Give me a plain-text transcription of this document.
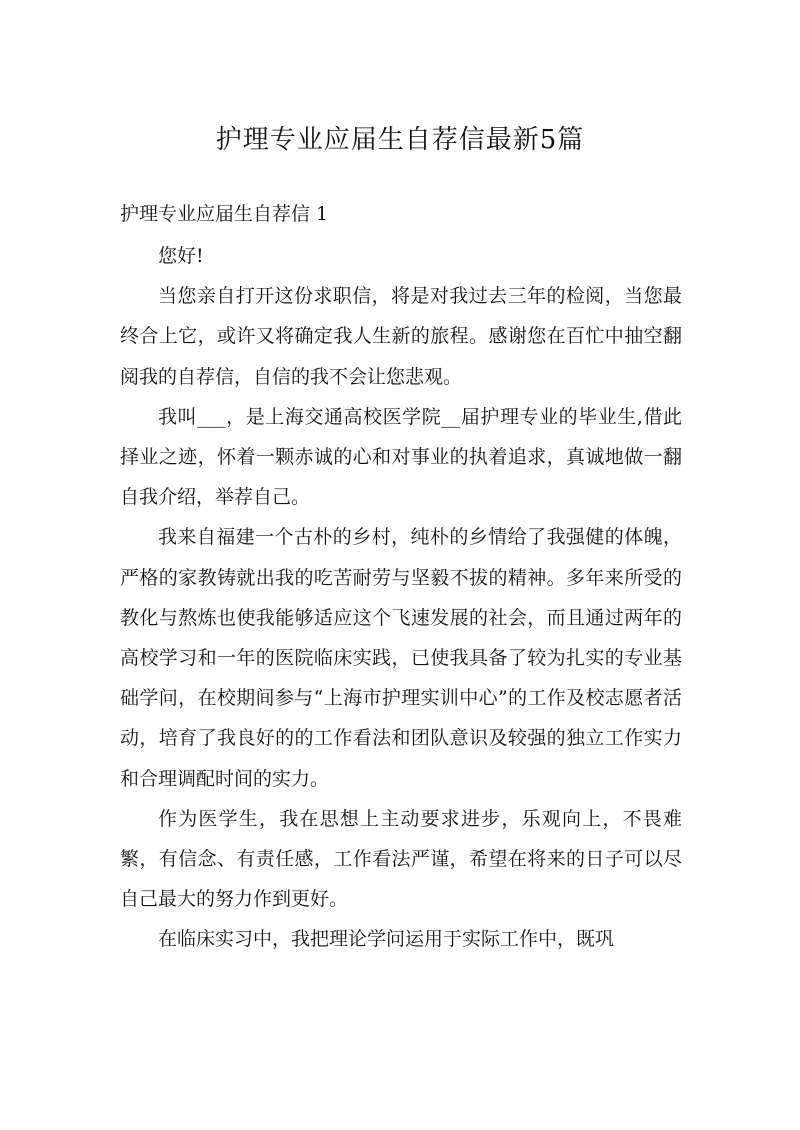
护理专业应届生自荐信最新5篇
护理专业应届生自荐信 1

您好!

当您亲自打开这份求职信，将是对我过去三年的检阅，当您最终合上它，或许又将确定我人生新的旅程。感谢您在百忙中抽空翻阅我的自荐信，自信的我不会让您悲观。

我叫___，是上海交通高校医学院__届护理专业的毕业生,借此择业之迹，怀着一颗赤诚的心和对事业的执着追求，真诚地做一翻自我介绍，举荐自己。

我来自福建一个古朴的乡村，纯朴的乡情给了我强健的体魄，严格的家教铸就出我的吃苦耐劳与坚毅不拔的精神。多年来所受的教化与熬炼也使我能够适应这个飞速发展的社会，而且通过两年的高校学习和一年的医院临床实践，已使我具备了较为扎实的专业基础学问，在校期间参与“上海市护理实训中心”的工作及校志愿者活动，培育了我良好的的工作看法和团队意识及较强的独立工作实力和合理调配时间的实力。

作为医学生，我在思想上主动要求进步，乐观向上，不畏难繁，有信念、有责任感，工作看法严谨，希望在将来的日子可以尽自己最大的努力作到更好。

在临床实习中，我把理论学问运用于实际工作中，既巩
